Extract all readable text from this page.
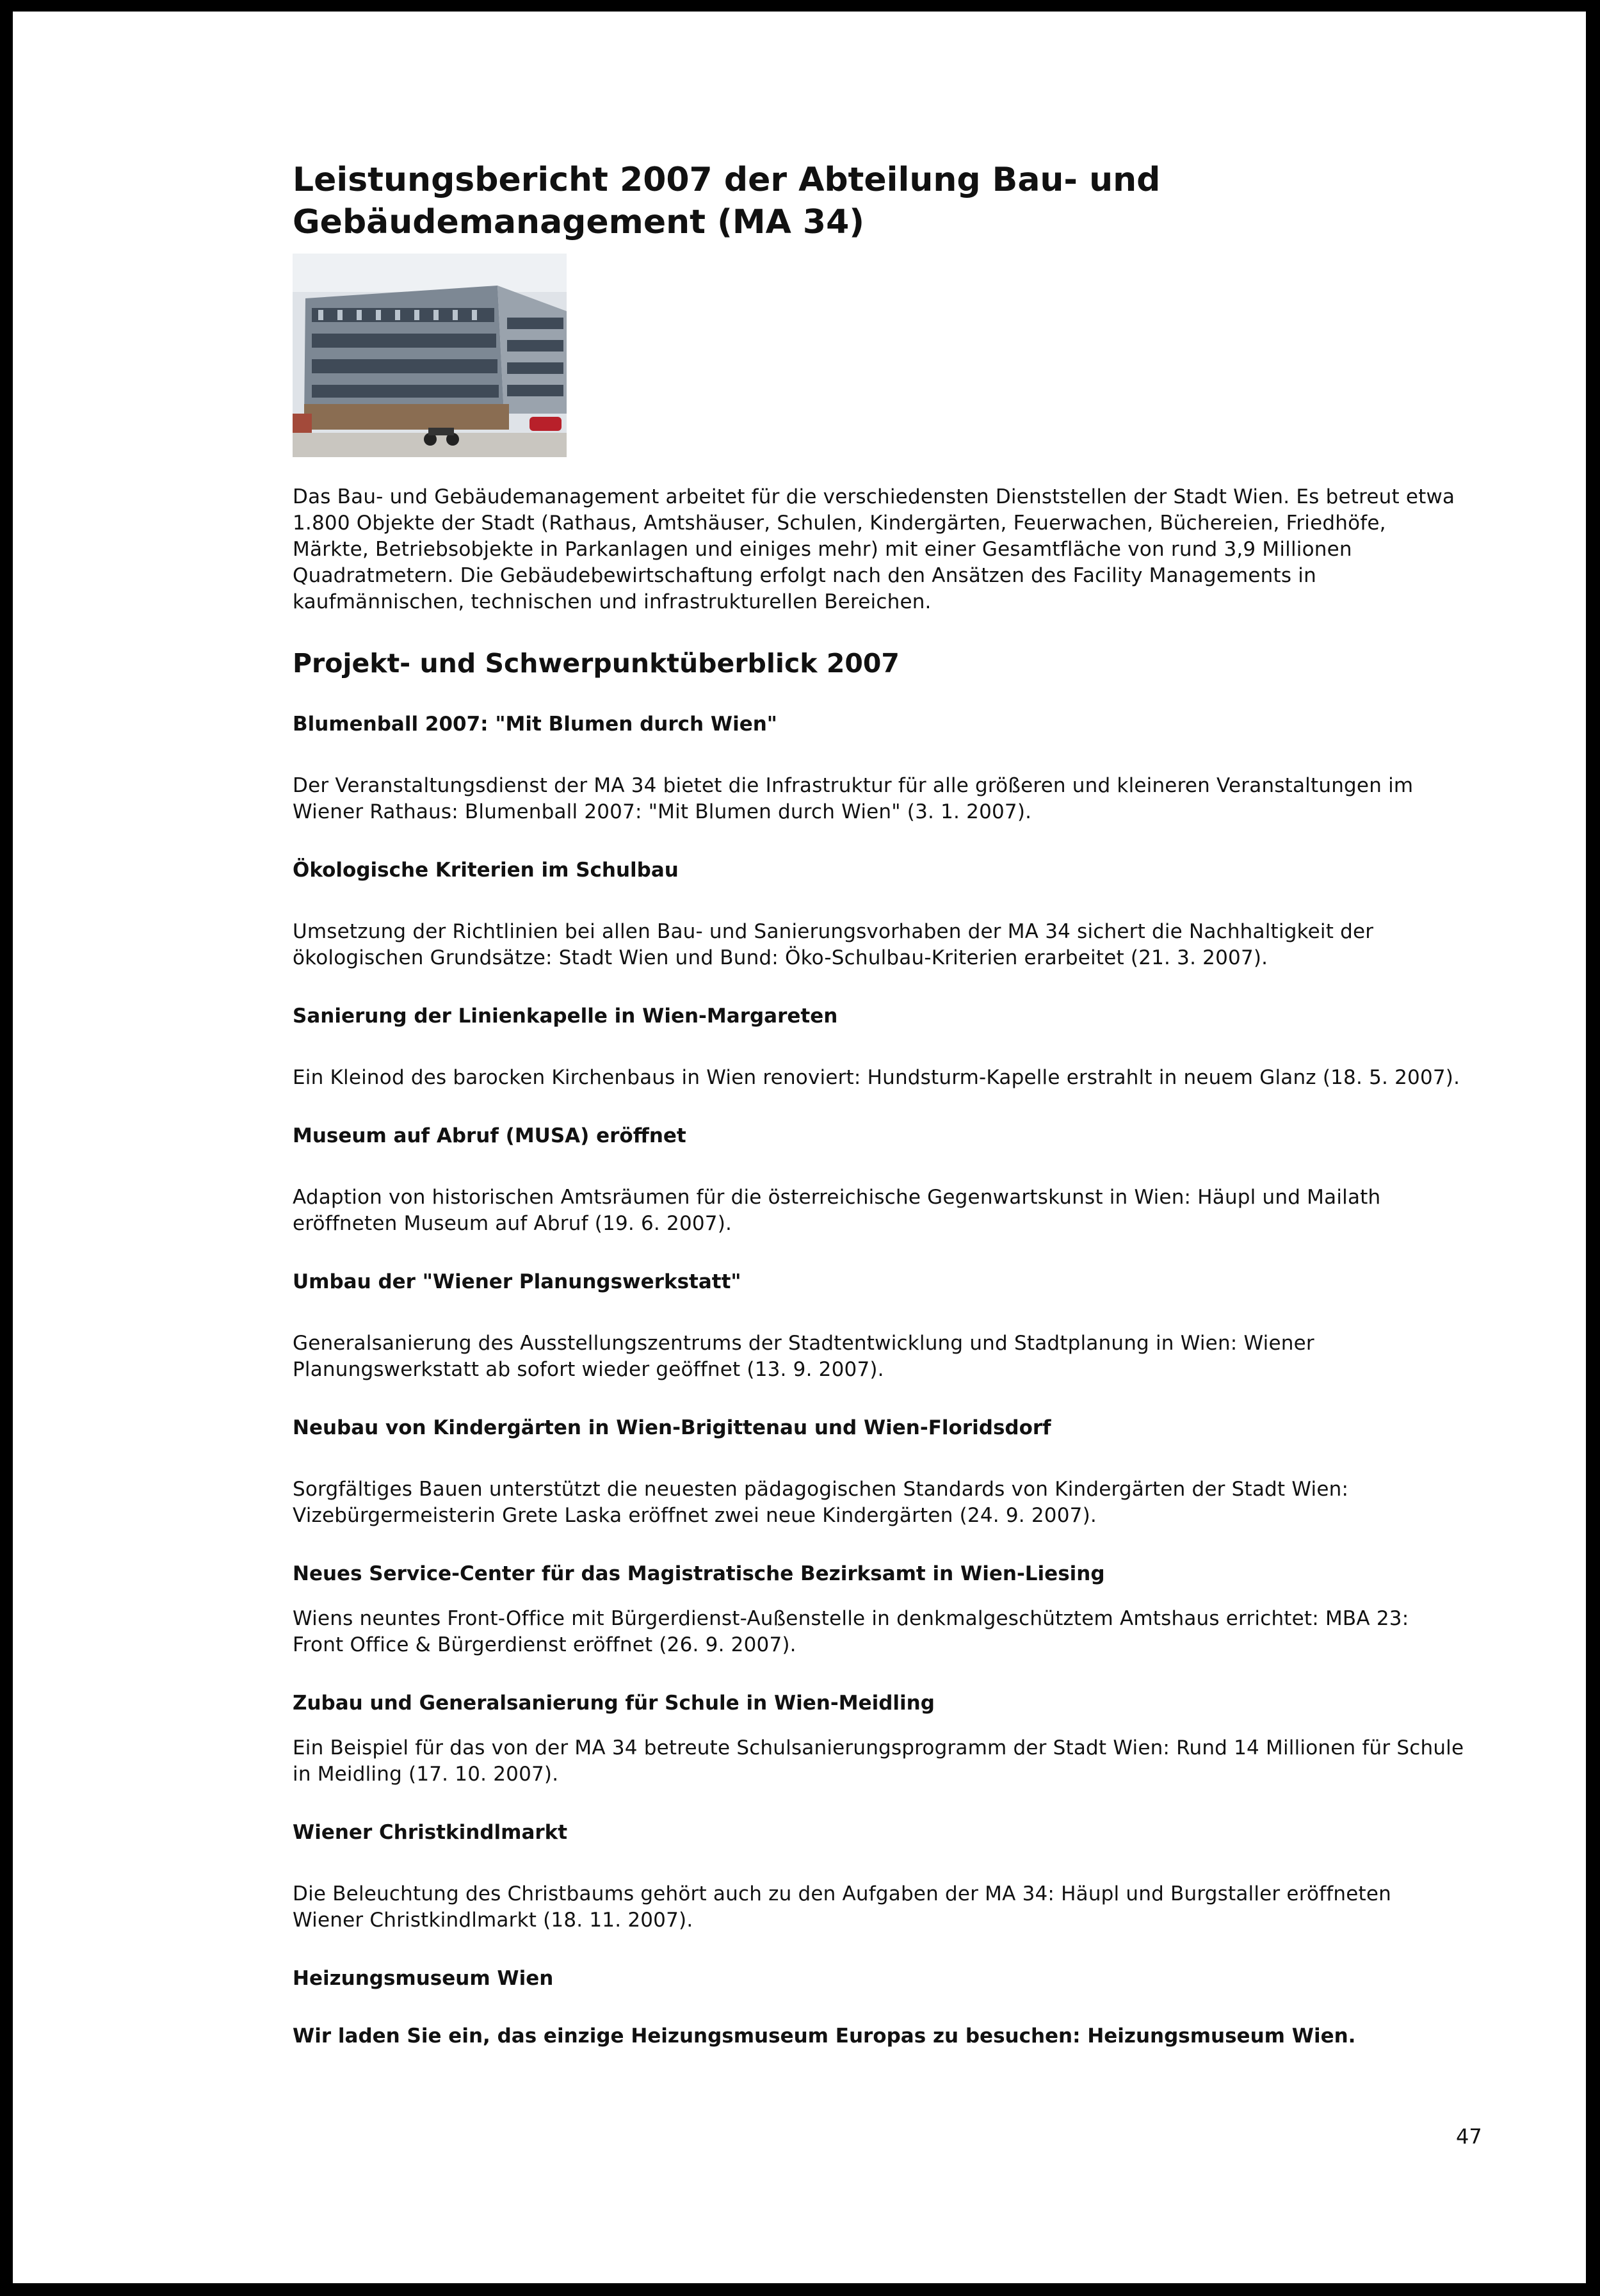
Leistungsbericht 2007 der Abteilung Bau- und Gebäudemanagement (MA 34)

Das Bau- und Gebäudemanagement arbeitet für die verschiedensten Dienststellen der Stadt Wien. Es betreut etwa 1.800 Objekte der Stadt (Rathaus, Amtshäuser, Schulen, Kindergärten, Feuerwachen, Büchereien, Friedhöfe, Märkte, Betriebsobjekte in Parkanlagen und einiges mehr) mit einer Gesamtfläche von rund 3,9 Millionen Quadratmetern. Die Gebäudebewirtschaftung erfolgt nach den Ansätzen des Facility Managements in kaufmännischen, technischen und infrastrukturellen Bereichen.

Projekt- und Schwerpunktüberblick 2007
Blumenball 2007: "Mit Blumen durch Wien"

Der Veranstaltungsdienst der MA 34 bietet die Infrastruktur für alle größeren und kleineren Veranstaltungen im Wiener Rathaus: Blumenball 2007: "Mit Blumen durch Wien" (3. 1. 2007).

Ökologische Kriterien im Schulbau

Umsetzung der Richtlinien bei allen Bau- und Sanierungsvorhaben der MA 34 sichert die Nachhaltigkeit der ökologischen Grundsätze: Stadt Wien und Bund: Öko-Schulbau-Kriterien erarbeitet (21. 3. 2007).

Sanierung der Linienkapelle in Wien-Margareten

Ein Kleinod des barocken Kirchenbaus in Wien renoviert: Hundsturm-Kapelle erstrahlt in neuem Glanz (18. 5. 2007).

Museum auf Abruf (MUSA) eröffnet

Adaption von historischen Amtsräumen für die österreichische Gegenwartskunst in Wien: Häupl und Mailath eröffneten Museum auf Abruf (19. 6. 2007).

Umbau der "Wiener Planungswerkstatt"

Generalsanierung des Ausstellungszentrums der Stadtentwicklung und Stadtplanung in Wien: Wiener Planungswerkstatt ab sofort wieder geöffnet (13. 9. 2007).

Neubau von Kindergärten in Wien-Brigittenau und Wien-Floridsdorf

Sorgfältiges Bauen unterstützt die neuesten pädagogischen Standards von Kindergärten der Stadt Wien: Vizebürgermeisterin Grete Laska eröffnet zwei neue Kindergärten (24. 9. 2007).

Neues Service-Center für das Magistratische Bezirksamt in Wien-Liesing

Wiens neuntes Front-Office mit Bürgerdienst-Außenstelle in denkmalgeschütztem Amtshaus errichtet: MBA 23: Front Office & Bürgerdienst eröffnet (26. 9. 2007).

Zubau und Generalsanierung für Schule in Wien-Meidling

Ein Beispiel für das von der MA 34 betreute Schulsanierungsprogramm der Stadt Wien: Rund 14 Millionen für Schule in Meidling (17. 10. 2007).

Wiener Christkindlmarkt

Die Beleuchtung des Christbaums gehört auch zu den Aufgaben der MA 34: Häupl und Burgstaller eröffneten Wiener Christkindlmarkt (18. 11. 2007).

Heizungsmuseum Wien

Wir laden Sie ein, das einzige Heizungsmuseum Europas zu besuchen: Heizungsmuseum Wien.

47
